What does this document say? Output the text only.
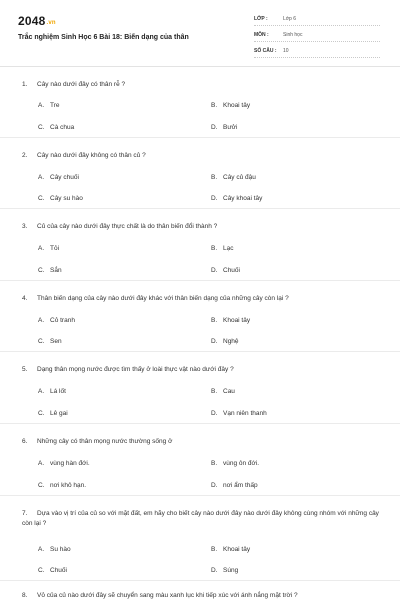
2048.vn
Trắc nghiệm Sinh Học 6 Bài 18: Biến dạng của thân
LỚP :	Lớp 6
MÔN :	Sinh học
SỐ CÂU :	10
1. Cây nào dưới đây có thân rễ ?
A. Tre	B. Khoai tây
C. Cà chua	D. Bưởi
2. Cây nào dưới đây không có thân củ ?
A. Cây chuối	B. Cây củ đậu
C. Cây su hào	D. Cây khoai tây
3. Củ của cây nào dưới đây thực chất là do thân biến đổi thành ?
A. Tỏi	B. Lạc
C. Sắn	D. Chuối
4. Thân biến dạng của cây nào dưới đây khác với thân biến dạng của những cây còn lại ?
A. Cỏ tranh	B. Khoai tây
C. Sen	D. Nghệ
5. Dạng thân mọng nước được tìm thấy ở loài thực vật nào dưới đây ?
A. Lá lốt	B. Cau
C. Lê gai	D. Vạn niên thanh
6. Những cây có thân mọng nước thường sống ở
A. vùng hàn đới.	B. vùng ôn đới.
C. nơi khô hạn.	D. nơi ẩm thấp
7. Dựa vào vị trí của củ so với mặt đất, em hãy cho biết cây nào dưới đây nào dưới đây không cùng nhóm với những cây còn lại ?
A. Su hào	B. Khoai tây
C. Chuối	D. Súng
8. Vỏ của củ nào dưới đây sẽ chuyển sang màu xanh lục khi tiếp xúc với ánh nắng mặt trời ?
